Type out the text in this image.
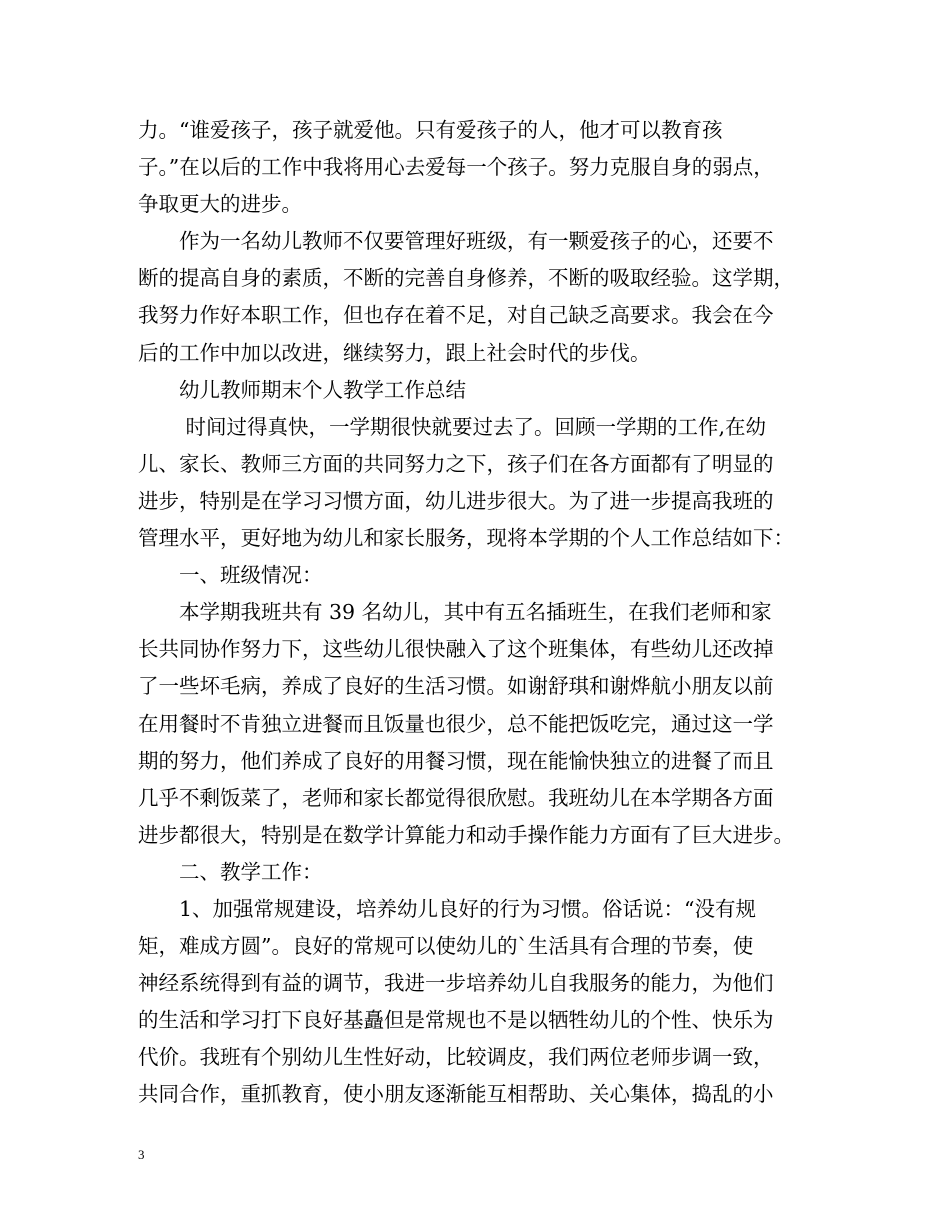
力。“谁爱孩子，孩子就爱他。只有爱孩子的人，他才可以教育孩
子。”在以后的工作中我将用心去爱每一个孩子。努力克服自身的弱点，
争取更大的进步。
　　作为一名幼儿教师不仅要管理好班级，有一颗爱孩子的心，还要不
断的提高自身的素质，不断的完善自身修养，不断的吸取经验。这学期，
我努力作好本职工作，但也存在着不足，对自己缺乏高要求。我会在今
后的工作中加以改进，继续努力，跟上社会时代的步伐。
　　幼儿教师期末个人教学工作总结
　　 时间过得真快，一学期很快就要过去了。回顾一学期的工作,在幼
儿、家长、教师三方面的共同努力之下，孩子们在各方面都有了明显的
进步，特别是在学习习惯方面，幼儿进步很大。为了进一步提高我班的
管理水平，更好地为幼儿和家长服务，现将本学期的个人工作总结如下：
　　一、班级情况：
　　本学期我班共有 39 名幼儿，其中有五名插班生，在我们老师和家
长共同协作努力下，这些幼儿很快融入了这个班集体，有些幼儿还改掉
了一些坏毛病，养成了良好的生活习惯。如谢舒琪和谢烨航小朋友以前
在用餐时不肯独立进餐而且饭量也很少，总不能把饭吃完，通过这一学
期的努力，他们养成了良好的用餐习惯，现在能愉快独立的进餐了而且
几乎不剩饭菜了，老师和家长都觉得很欣慰。我班幼儿在本学期各方面
进步都很大，特别是在数学计算能力和动手操作能力方面有了巨大进步。
　　二、教学工作：
　　1、加强常规建设，培养幼儿良好的行为习惯。俗话说：“没有规
矩，难成方圆”。良好的常规可以使幼儿的`生活具有合理的节奏，使
神经系统得到有益的调节，我进一步培养幼儿自我服务的能力，为他们
的生活和学习打下良好基矗但是常规也不是以牺牲幼儿的个性、快乐为
代价。我班有个别幼儿生性好动，比较调皮，我们两位老师步调一致，
共同合作，重抓教育，使小朋友逐渐能互相帮助、关心集体，捣乱的小
3
